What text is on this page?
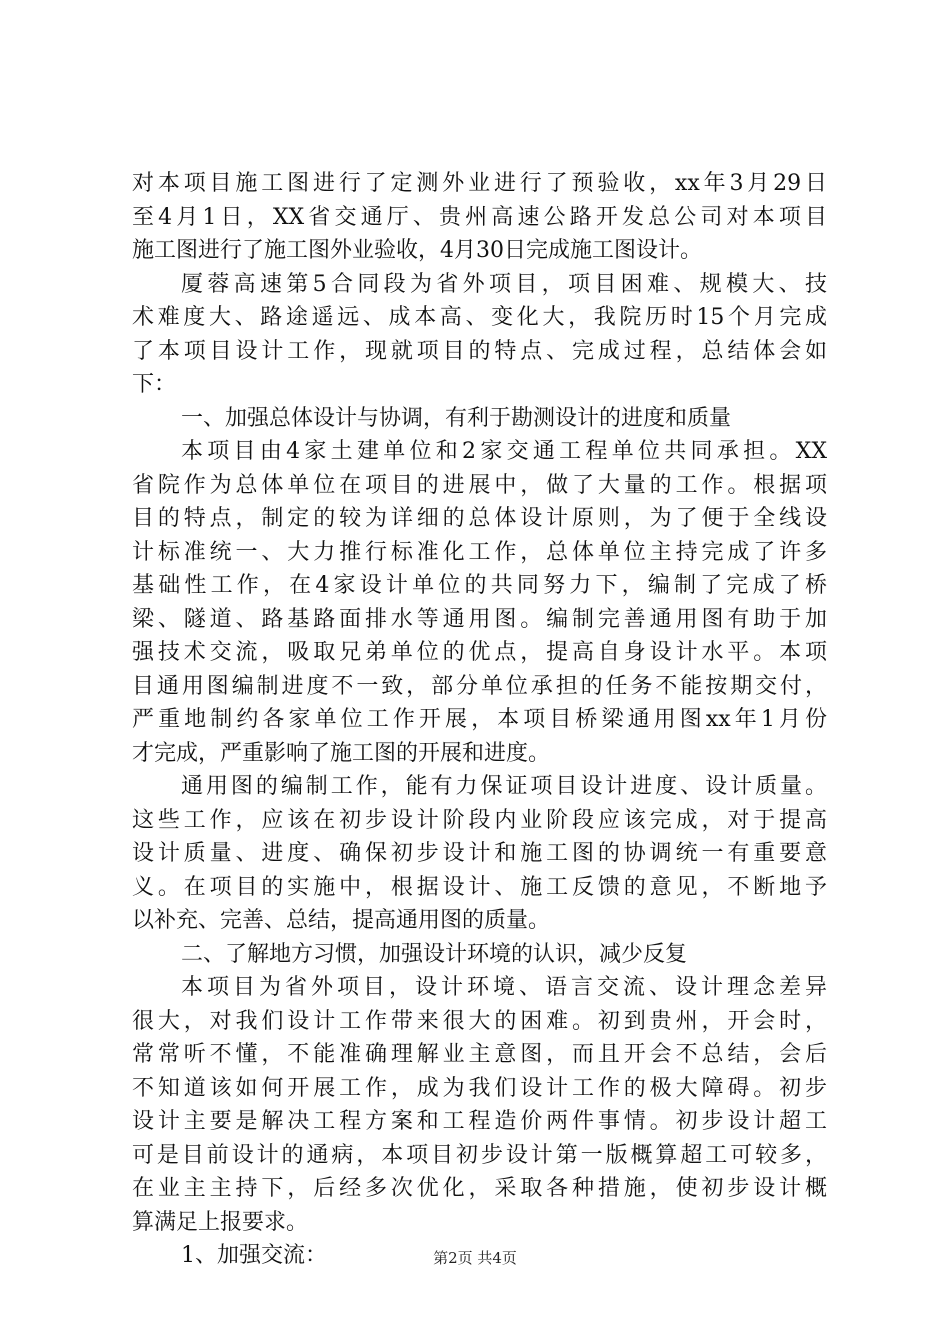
对本项目施工图进行了定测外业进行了预验收，xx年3月29日
至4月1日，XX省交通厅、贵州高速公路开发总公司对本项目
施工图进行了施工图外业验收，4月30日完成施工图设计。
厦蓉高速第5合同段为省外项目，项目困难、规模大、技
术难度大、路途遥远、成本高、变化大，我院历时15个月完成
了本项目设计工作，现就项目的特点、完成过程，总结体会如
下：
一、加强总体设计与协调，有利于勘测设计的进度和质量
本项目由4家土建单位和2家交通工程单位共同承担。XX
省院作为总体单位在项目的进展中，做了大量的工作。根据项
目的特点，制定的较为详细的总体设计原则，为了便于全线设
计标准统一、大力推行标准化工作，总体单位主持完成了许多
基础性工作，在4家设计单位的共同努力下，编制了完成了桥
梁、隧道、路基路面排水等通用图。编制完善通用图有助于加
强技术交流，吸取兄弟单位的优点，提高自身设计水平。本项
目通用图编制进度不一致，部分单位承担的任务不能按期交付，
严重地制约各家单位工作开展，本项目桥梁通用图xx年1月份
才完成，严重影响了施工图的开展和进度。
通用图的编制工作，能有力保证项目设计进度、设计质量。
这些工作，应该在初步设计阶段内业阶段应该完成，对于提高
设计质量、进度、确保初步设计和施工图的协调统一有重要意
义。在项目的实施中，根据设计、施工反馈的意见，不断地予
以补充、完善、总结，提高通用图的质量。
二、了解地方习惯，加强设计环境的认识，减少反复
本项目为省外项目，设计环境、语言交流、设计理念差异
很大，对我们设计工作带来很大的困难。初到贵州，开会时，
常常听不懂，不能准确理解业主意图，而且开会不总结，会后
不知道该如何开展工作，成为我们设计工作的极大障碍。初步
设计主要是解决工程方案和工程造价两件事情。初步设计超工
可是目前设计的通病，本项目初步设计第一版概算超工可较多，
在业主主持下，后经多次优化，采取各种措施，使初步设计概
算满足上报要求。
1、加强交流：	第2页 共4页
